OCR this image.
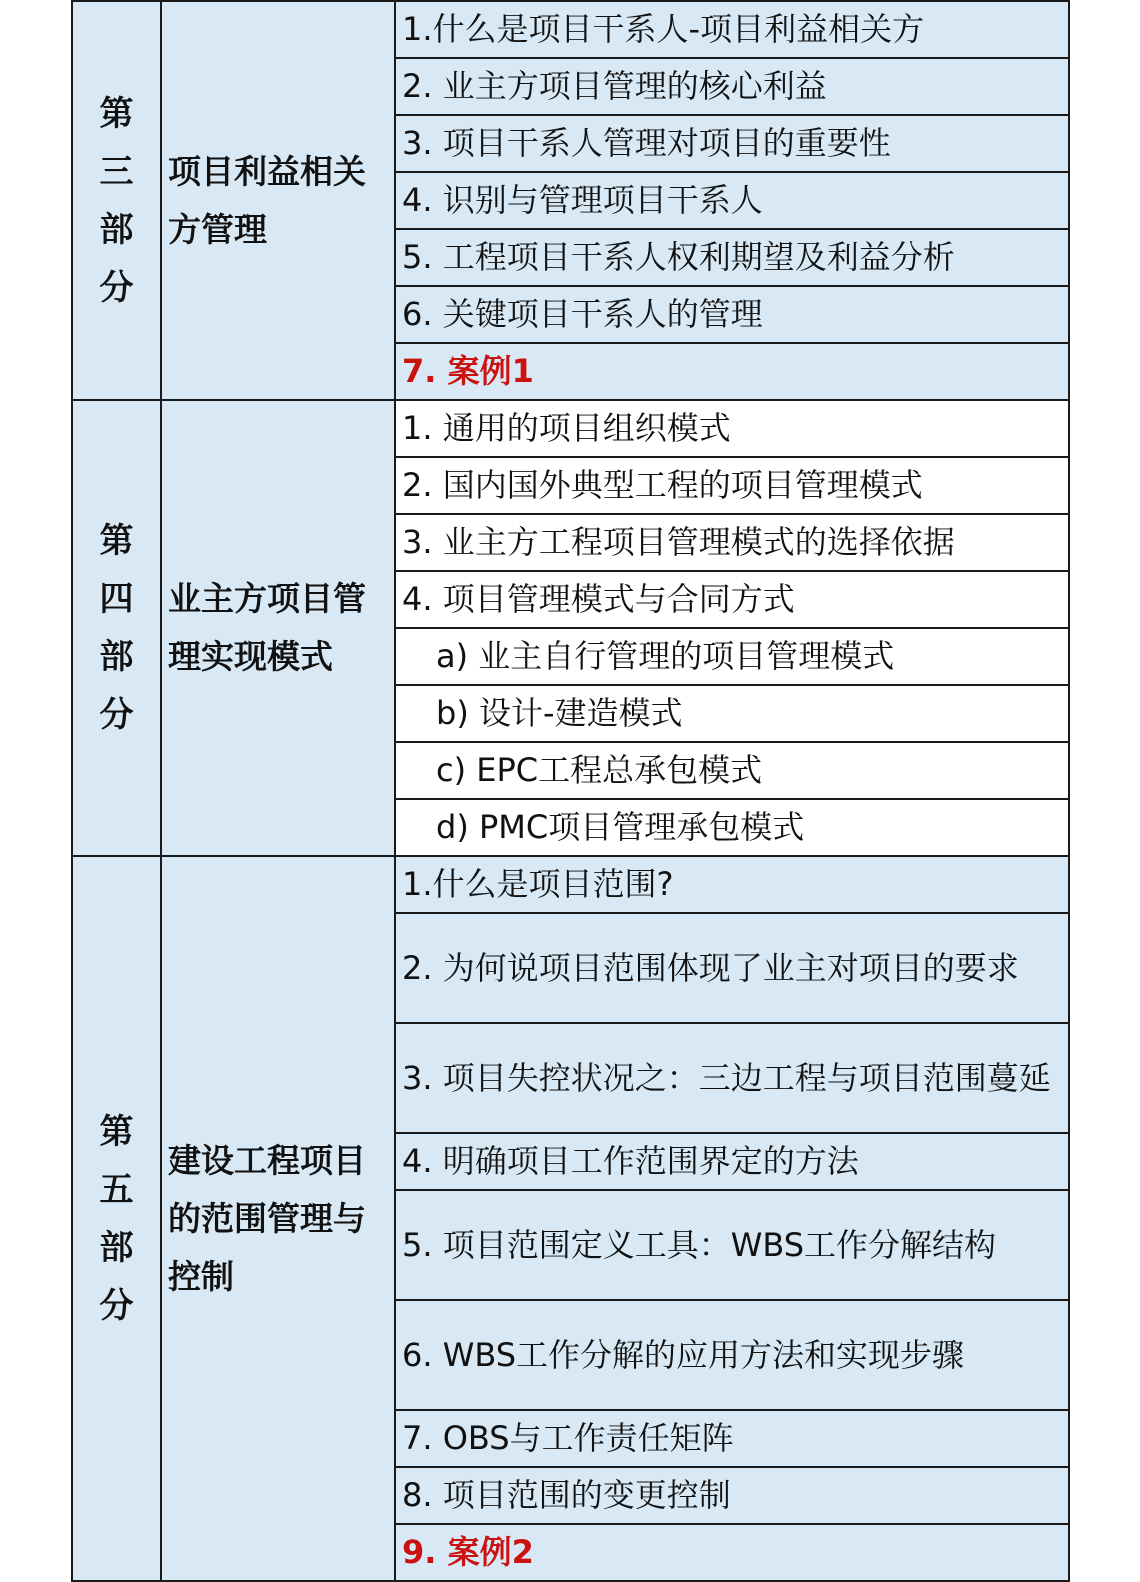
第三部分	项目利益相关方管理	1.什么是项目干系人-项目利益相关方
		2. 业主方项目管理的核心利益
		3. 项目干系人管理对项目的重要性
		4. 识别与管理项目干系人
		5. 工程项目干系人权利期望及利益分析
		6. 关键项目干系人的管理
		7. 案例1
第四部分	业主方项目管理实现模式	1. 通用的项目组织模式
		2. 国内国外典型工程的项目管理模式
		3. 业主方工程项目管理模式的选择依据
		4. 项目管理模式与合同方式
		a) 业主自行管理的项目管理模式
		b) 设计-建造模式
		c) EPC工程总承包模式
		d) PMC项目管理承包模式
第五部分	建设工程项目的范围管理与控制	1.什么是项目范围?
		2. 为何说项目范围体现了业主对项目的要求
		3. 项目失控状况之：三边工程与项目范围蔓延
		4. 明确项目工作范围界定的方法
		5. 项目范围定义工具：WBS工作分解结构
		6. WBS工作分解的应用方法和实现步骤
		7. OBS与工作责任矩阵
		8. 项目范围的变更控制
		9. 案例2
